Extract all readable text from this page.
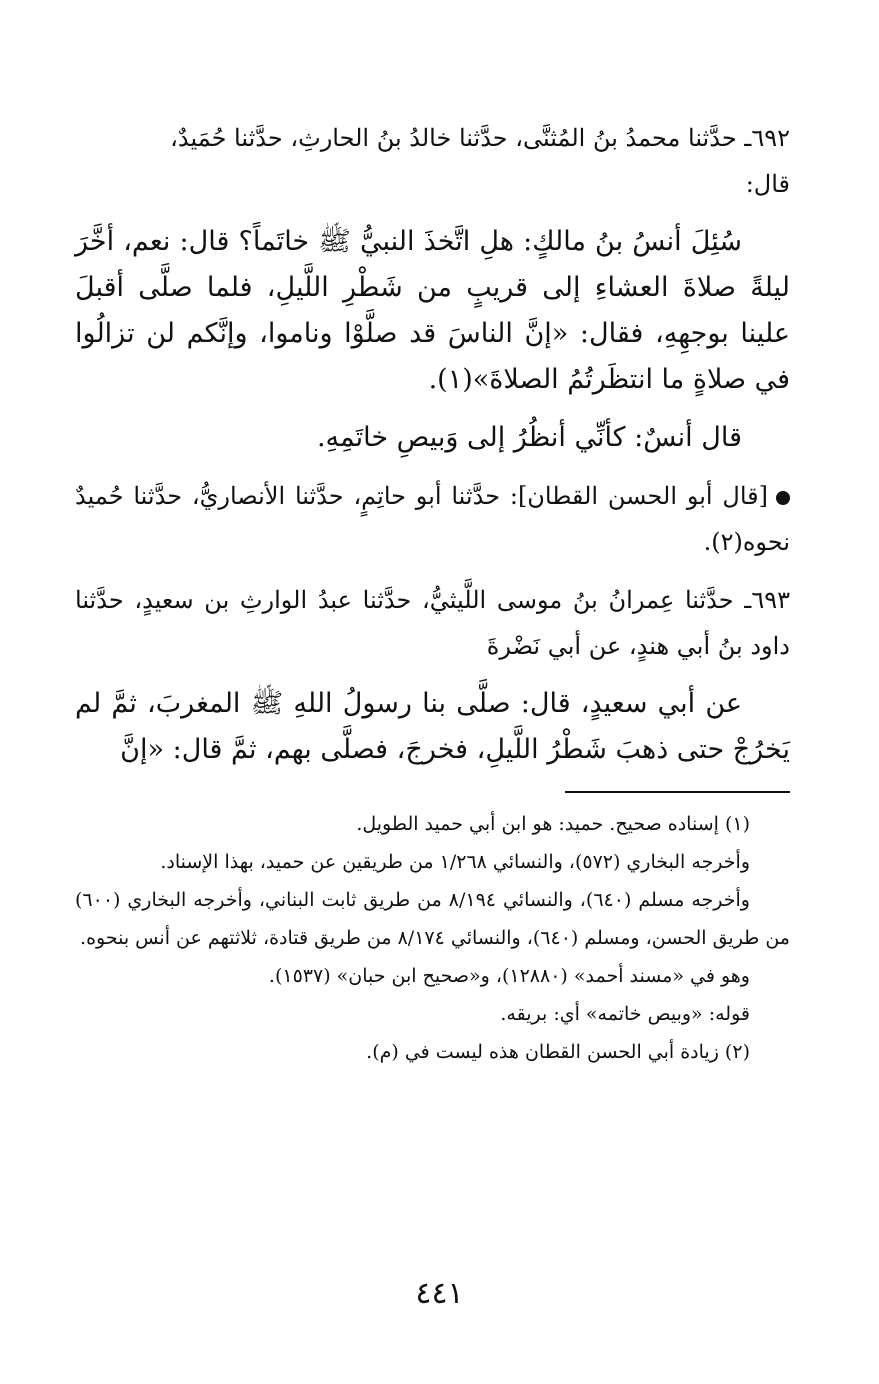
٦٩٢ـ حدَّثنا محمدُ بنُ المُثنَّى، حدَّثنا خالدُ بنُ الحارثِ، حدَّثنا حُمَيدٌ،

قال:

سُئِلَ أنسُ بنُ مالكٍ: هلِ اتَّخذَ النبيُّ ﷺ خاتَماً؟ قال: نعم، أخَّرَ ليلةً صلاةَ العشاءِ إلى قريبٍ من شَطْرِ اللَّيلِ، فلما صلَّى أقبلَ علينا بوجهِهِ، فقال: «إنَّ الناسَ قد صلَّوْا وناموا، وإنَّكم لن تزالُوا في صلاةٍ ما انتظَرتُمُ الصلاةَ»(١).

قال أنسٌ: كأنِّي أنظُرُ إلى وَبيصِ خاتَمِهِ.

[قال أبو الحسن القطان]: حدَّثنا أبو حاتِمٍ، حدَّثنا الأنصاريُّ، حدَّثنا حُميدٌ نحوه(٢).

٦٩٣ـ حدَّثنا عِمرانُ بنُ موسى اللَّيثيُّ، حدَّثنا عبدُ الوارثِ بن سعيدٍ، حدَّثنا داود بنُ أبي هندٍ، عن أبي نَضْرةَ

عن أبي سعيدٍ، قال: صلَّى بنا رسولُ اللهِ ﷺ المغربَ، ثمَّ لم يَخرُجْ حتى ذهبَ شَطْرُ اللَّيلِ، فخرجَ، فصلَّى بهم، ثمَّ قال: «إنَّ

(١) إسناده صحيح. حميد: هو ابن أبي حميد الطويل.

وأخرجه البخاري (٥٧٢)، والنسائي ١/٢٦٨ من طريقين عن حميد، بهذا الإسناد.

وأخرجه مسلم (٦٤٠)، والنسائي ٨/١٩٤ من طريق ثابت البناني، وأخرجه البخاري (٦٠٠) من طريق الحسن، ومسلم (٦٤٠)، والنسائي ٨/١٧٤ من طريق قتادة، ثلاثتهم عن أنس بنحوه.

وهو في «مسند أحمد» (١٢٨٨٠)، و«صحيح ابن حبان» (١٥٣٧).

قوله: «وبيص خاتمه» أي: بريقه.

(٢) زيادة أبي الحسن القطان هذه ليست في (م).

٤٤١
